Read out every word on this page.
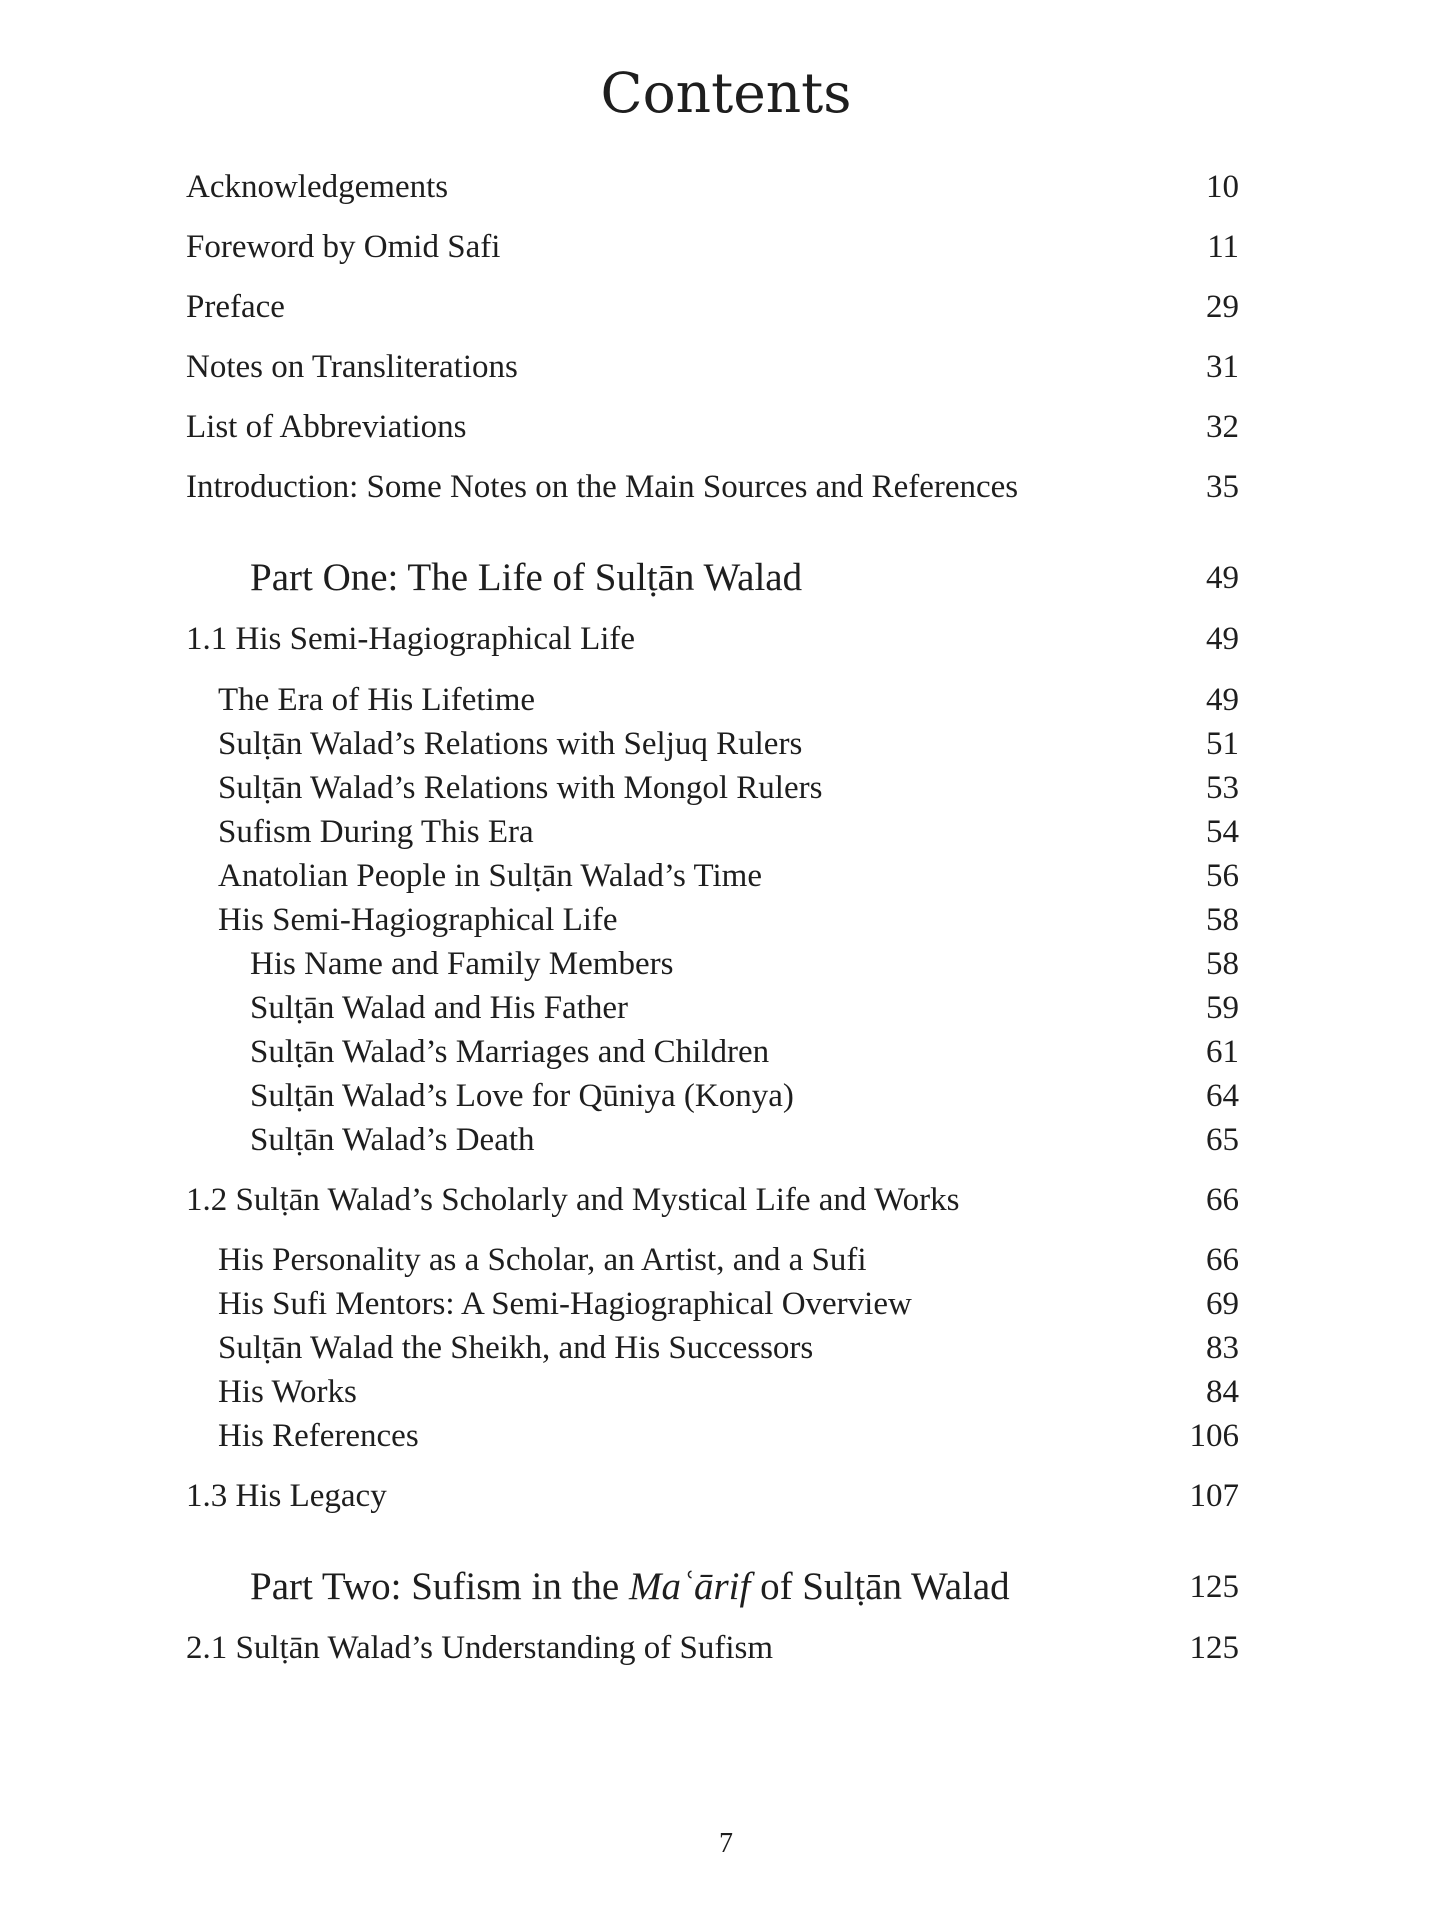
Contents
Acknowledgements	10
Foreword by Omid Safi	11
Preface	29
Notes on Transliterations	31
List of Abbreviations	32
Introduction: Some Notes on the Main Sources and References	35
Part One: The Life of Sulṭān Walad	49
1.1 His Semi-Hagiographical Life	49
The Era of His Lifetime	49
Sulṭān Walad’s Relations with Seljuq Rulers	51
Sulṭān Walad’s Relations with Mongol Rulers	53
Sufism During This Era	54
Anatolian People in Sulṭān Walad’s Time	56
His Semi-Hagiographical Life	58
His Name and Family Members	58
Sulṭān Walad and His Father	59
Sulṭān Walad’s Marriages and Children	61
Sulṭān Walad’s Love for Qūniya (Konya)	64
Sulṭān Walad’s Death	65
1.2 Sulṭān Walad’s Scholarly and Mystical Life and Works	66
His Personality as a Scholar, an Artist, and a Sufi	66
His Sufi Mentors: A Semi-Hagiographical Overview	69
Sulṭān Walad the Sheikh, and His Successors	83
His Works	84
His References	106
1.3 His Legacy	107
Part Two: Sufism in the Maʿārif of Sulṭān Walad	125
2.1 Sulṭān Walad’s Understanding of Sufism	125
7
